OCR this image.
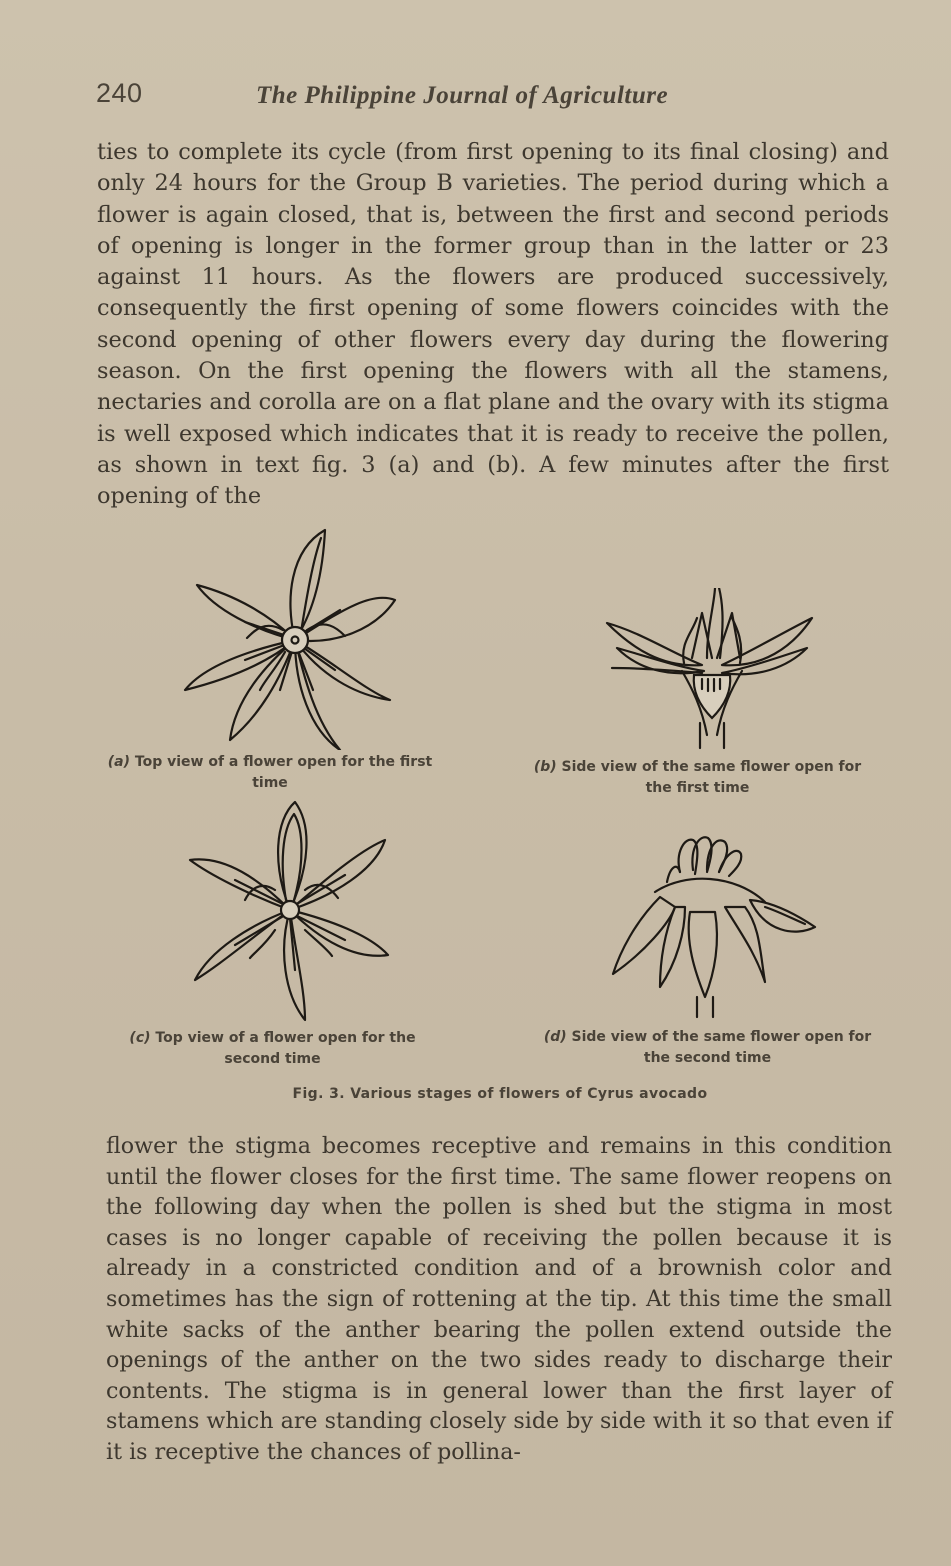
240	The Philippine Journal of Agriculture

ties to complete its cycle (from first opening to its final closing) and only 24 hours for the Group B varieties. The period during which a flower is again closed, that is, between the first and second periods of opening is longer in the former group than in the latter or 23 against 11 hours. As the flowers are produced successively, consequently the first opening of some flowers coincides with the second opening of other flowers every day during the flowering season. On the first opening the flowers with all the stamens, nectaries and corolla are on a flat plane and the ovary with its stigma is well exposed which indicates that it is ready to receive the pollen, as shown in text fig. 3 (a) and (b). A few minutes after the first opening of the

(a) Top view of a flower open for the first time
(b) Side view of the same flower open for the first time
(c) Top view of a flower open for the second time
(d) Side view of the same flower open for the second time
Fig. 3. Various stages of flowers of Cyrus avocado

flower the stigma becomes receptive and remains in this condition until the flower closes for the first time. The same flower reopens on the following day when the pollen is shed but the stigma in most cases is no longer capable of receiving the pollen because it is already in a constricted condition and of a brownish color and sometimes has the sign of rottening at the tip. At this time the small white sacks of the anther bearing the pollen extend outside the openings of the anther on the two sides ready to discharge their contents. The stigma is in general lower than the first layer of stamens which are standing closely side by side with it so that even if it is receptive the chances of pollina-
